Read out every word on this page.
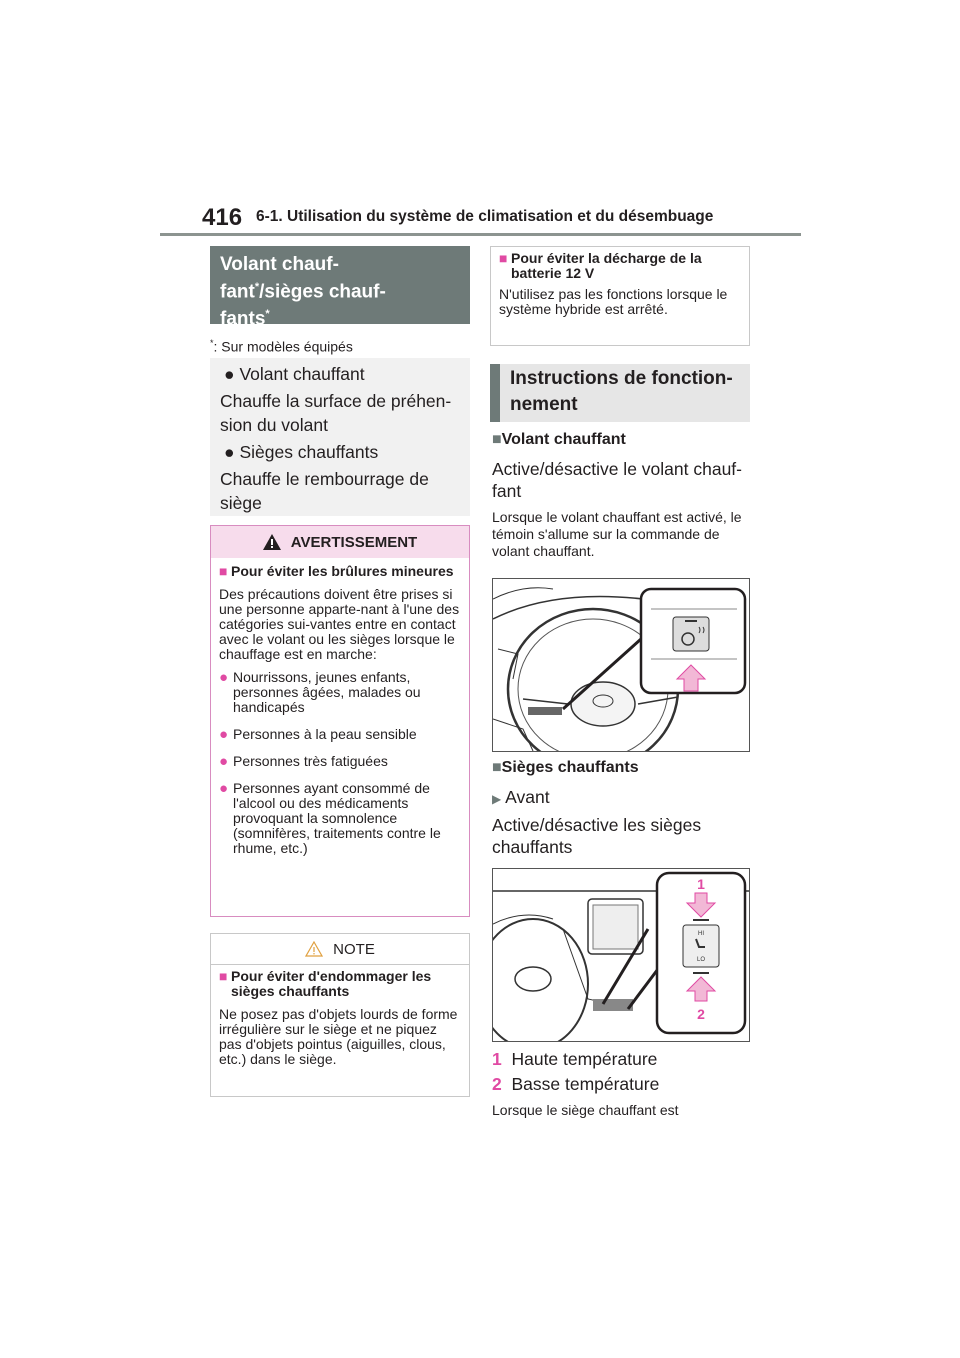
416 6-1. Utilisation du système de climatisation et du désembuage
Volant chauf-
fant*/sièges chauf-
fants*
*: Sur modèles équipés

● Volant chauffant

Chauffe la surface de préhen-sion du volant

● Sièges chauffants

Chauffe le rembourrage de siège

AVERTISSEMENT
■ Pour éviter les brûlures mineures
Des précautions doivent être prises si une personne apparte-nant à l'une des catégories sui-vantes entre en contact avec le volant ou les sièges lorsque le chauffage est en marche:
● Nourrissons, jeunes enfants, personnes âgées, malades ou handicapés
● Personnes à la peau sensible
● Personnes très fatiguées
● Personnes ayant consommé de l'alcool ou des médicaments provoquant la somnolence (somnifères, traitements contre le rhume, etc.)
NOTE
■ Pour éviter d'endommager les sièges chauffants
Ne posez pas d'objets lourds de forme irrégulière sur le siège et ne piquez pas d'objets pointus (aiguilles, clous, etc.) dans le siège.
■ Pour éviter la décharge de la batterie 12 V
N'utilisez pas les fonctions lorsque le système hybride est arrêté.
Instructions de fonction-
nement
■Volant chauffant
Active/désactive le volant chauf-fant
Lorsque le volant chauffant est activé, le témoin s'allume sur la commande de volant chauffant.
■Sièges chauffants
▶ Avant
Active/désactive les sièges chauffants
1
HI
LO
2
1 Haute température
2 Basse température
Lorsque le siège chauffant est
